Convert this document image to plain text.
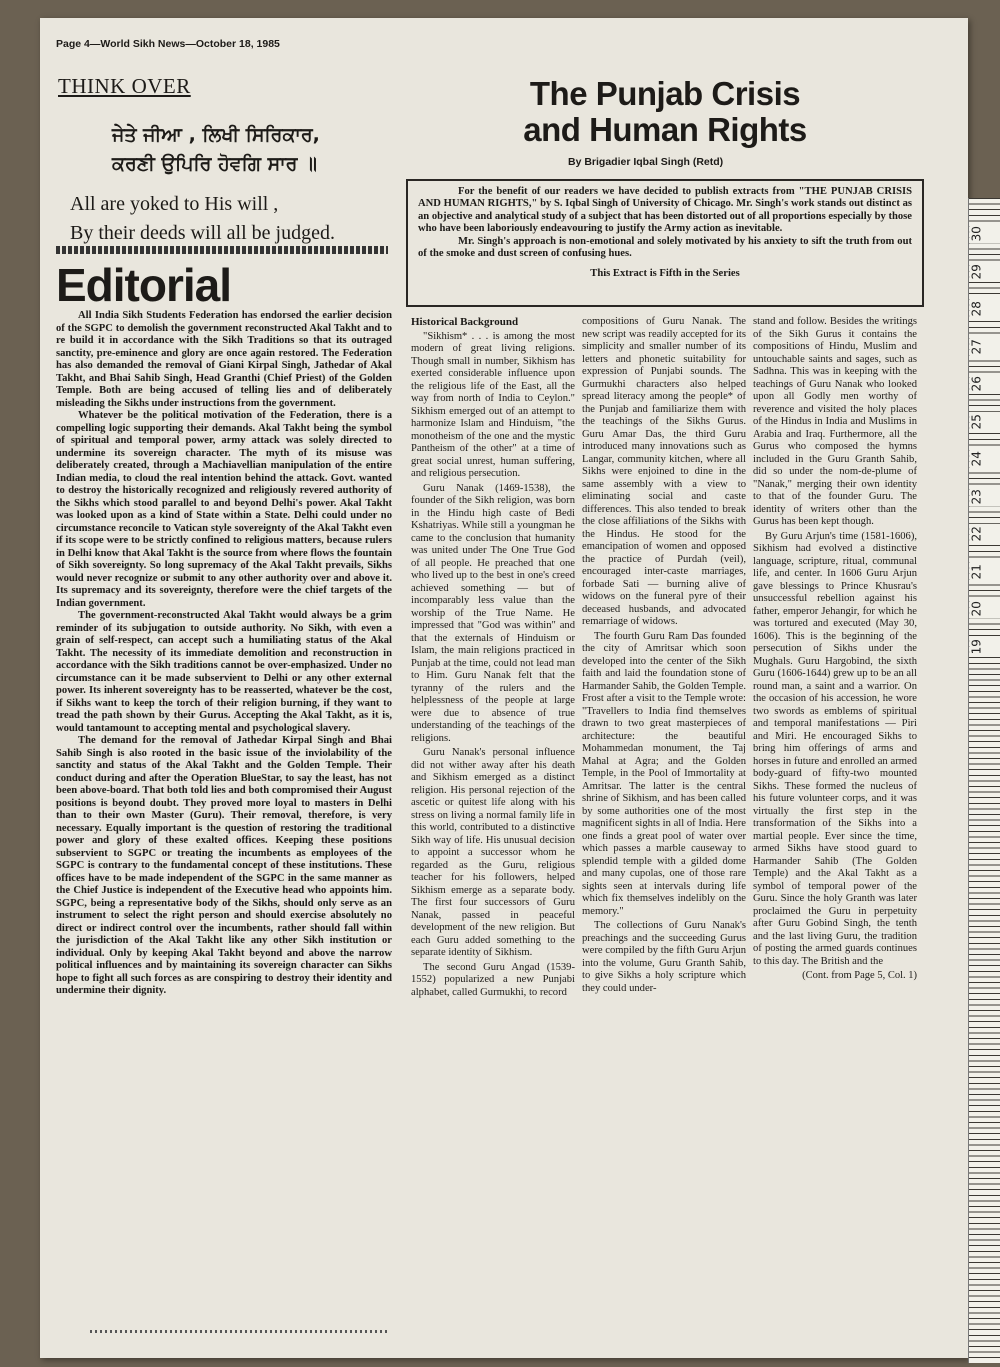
Page 4—World Sikh News—October 18, 1985
THINK OVER
ਜੇਤੇ ਜੀਆ , ਲਿਖੀ ਸਿਰਿਕਾਰ,
ਕਰਣੀ ਉਪਿਰਿ ਹੋਵਗਿ ਸਾਰ ॥
All are yoked to His will ,
By their deeds will all be judged.
Editorial

All India Sikh Students Federation has endorsed the earlier decision of the SGPC to demolish the government reconstructed Akal Takht and to re build it in accordance with the Sikh Traditions so that its outraged sanctity, pre-eminence and glory are once again restored. The Federation has also demanded the removal of Giani Kirpal Singh, Jathedar of Akal Takht, and Bhai Sahib Singh, Head Granthi (Chief Priest) of the Golden Temple. Both are being accused of telling lies and of deliberately misleading the Sikhs under instructions from the government.

Whatever be the political motivation of the Federation, there is a compelling logic supporting their demands. Akal Takht being the symbol of spiritual and temporal power, army attack was solely directed to undermine its sovereign character. The myth of its misuse was deliberately created, through a Machiavellian manipulation of the entire Indian media, to cloud the real intention behind the attack. Govt. wanted to destroy the historically recognized and religiously revered authority of the Sikhs which stood parallel to and beyond Delhi's power. Akal Takht was looked upon as a kind of State within a State. Delhi could under no circumstance reconcile to Vatican style sovereignty of the Akal Takht even if its scope were to be strictly confined to religious matters, because rulers in Delhi know that Akal Takht is the source from where flows the fountain of Sikh sovereignty. So long supremacy of the Akal Takht prevails, Sikhs would never recognize or submit to any other authority over and above it. Its supremacy and its sovereignty, therefore were the chief targets of the Indian government.

The government-reconstructed Akal Takht would always be a grim reminder of its subjugation to outside authority. No Sikh, with even a grain of self-respect, can accept such a humiliating status of the Akal Takht. The necessity of its immediate demolition and reconstruction in accordance with the Sikh traditions cannot be over-emphasized. Under no circumstance can it be made subservient to Delhi or any other external power. Its inherent sovereignty has to be reasserted, whatever be the cost, if Sikhs want to keep the torch of their religion burning, if they want to tread the path shown by their Gurus. Accepting the Akal Takht, as it is, would tantamount to accepting mental and psychological slavery.

The demand for the removal of Jathedar Kirpal Singh and Bhai Sahib Singh is also rooted in the basic issue of the inviolability of the sanctity and status of the Akal Takht and the Golden Temple. Their conduct during and after the Operation BlueStar, to say the least, has not been above-board. That both told lies and both compromised their August positions is beyond doubt. They proved more loyal to masters in Delhi than to their own Master (Guru). Their removal, therefore, is very necessary. Equally important is the question of restoring the traditional power and glory of these exalted offices. Keeping these positions subservient to SGPC or treating the incumbents as employees of the SGPC is contrary to the fundamental concept of these institutions. These offices have to be made independent of the SGPC in the same manner as the Chief Justice is independent of the Executive head who appoints him. SGPC, being a representative body of the Sikhs, should only serve as an instrument to select the right person and should exercise absolutely no direct or indirect control over the incumbents, rather should fall within the jurisdiction of the Akal Takht like any other Sikh institution or individual. Only by keeping Akal Takht beyond and above the narrow political influences and by maintaining its sovereign character can Sikhs hope to fight all such forces as are conspiring to destroy their identity and undermine their dignity.

The Punjab Crisis
and Human Rights
By Brigadier Iqbal Singh (Retd)

For the benefit of our readers we have decided to publish extracts from "THE PUNJAB CRISIS AND HUMAN RIGHTS," by S. Iqbal Singh of University of Chicago. Mr. Singh's work stands out distinct as an objective and analytical study of a subject that has been distorted out of all proportions especially by those who have been laboriously endeavouring to justify the Army action as inevitable.

Mr. Singh's approach is non-emotional and solely motivated by his anxiety to sift the truth from out of the smoke and dust screen of confusing hues.

This Extract is Fifth in the Series

Historical Background

"Sikhism* . . . is among the most modern of great living religions. Though small in number, Sikhism has exerted considerable influence upon the religious life of the East, all the way from north of India to Ceylon." Sikhism emerged out of an attempt to harmonize Islam and Hinduism, "the monotheism of the one and the mystic Pantheism of the other" at a time of great social unrest, human suffering, and religious persecution.

Guru Nanak (1469-1538), the founder of the Sikh religion, was born in the Hindu high caste of Bedi Kshatriyas. While still a youngman he came to the conclusion that humanity was united under The One True God of all people. He preached that one who lived up to the best in one's creed achieved something — but of incomparably less value than the worship of the True Name. He impressed that "God was within" and that the externals of Hinduism or Islam, the main religions practiced in Punjab at the time, could not lead man to Him. Guru Nanak felt that the tyranny of the rulers and the helplessness of the people at large were due to absence of true understanding of the teachings of the religions.

Guru Nanak's personal influence did not wither away after his death and Sikhism emerged as a distinct religion. His personal rejection of the ascetic or quitest life along with his stress on living a normal family life in this world, contributed to a distinctive Sikh way of life. His unusual decision to appoint a successor whom he regarded as the Guru, religious teacher for his followers, helped Sikhism emerge as a separate body. The first four successors of Guru Nanak, passed in peaceful development of the new religion. But each Guru added something to the separate identity of Sikhism.

The second Guru Angad (1539-1552) popularized a new Punjabi alphabet, called Gurmukhi, to record

compositions of Guru Nanak. The new script was readily accepted for its simplicity and smaller number of its letters and phonetic suitability for expression of Punjabi sounds. The Gurmukhi characters also helped spread literacy among the people* of the Punjab and familiarize them with the teachings of the Sikhs Gurus. Guru Amar Das, the third Guru introduced many innovations such as Langar, community kitchen, where all Sikhs were enjoined to dine in the same assembly with a view to eliminating social and caste differences. This also tended to break the close affiliations of the Sikhs with the Hindus. He stood for the emancipation of women and opposed the practice of Purdah (veil), encouraged inter-caste marriages, forbade Sati — burning alive of widows on the funeral pyre of their deceased husbands, and advocated remarriage of widows.

The fourth Guru Ram Das founded the city of Amritsar which soon developed into the center of the Sikh faith and laid the foundation stone of Harmander Sahib, the Golden Temple. Frost after a visit to the Temple wrote: "Travellers to India find themselves drawn to two great masterpieces of architecture: the beautiful Mohammedan monument, the Taj Mahal at Agra; and the Golden Temple, in the Pool of Immortality at Amritsar. The latter is the central shrine of Sikhism, and has been called by some authorities one of the most magnificent sights in all of India. Here one finds a great pool of water over which passes a marble causeway to splendid temple with a gilded dome and many cupolas, one of those rare sights seen at intervals during life which fix themselves indelibly on the memory."

The collections of Guru Nanak's preachings and the succeeding Gurus were compiled by the fifth Guru Arjun into the volume, Guru Granth Sahib, to give Sikhs a holy scripture which they could under-

stand and follow. Besides the writings of the Sikh Gurus it contains the compositions of Hindu, Muslim and untouchable saints and sages, such as Sadhna. This was in keeping with the teachings of Guru Nanak who looked upon all Godly men worthy of reverence and visited the holy places of the Hindus in India and Muslims in Arabia and Iraq. Furthermore, all the Gurus who composed the hymns included in the Guru Granth Sahib, did so under the nom-de-plume of "Nanak," merging their own identity to that of the founder Guru. The identity of writers other than the Gurus has been kept though.

By Guru Arjun's time (1581-1606), Sikhism had evolved a distinctive language, scripture, ritual, communal life, and center. In 1606 Guru Arjun gave blessings to Prince Khusrau's unsuccessful rebellion against his father, emperor Jehangir, for which he was tortured and executed (May 30, 1606). This is the beginning of the persecution of Sikhs under the Mughals. Guru Hargobind, the sixth Guru (1606-1644) grew up to be an all round man, a saint and a warrior. On the occasion of his accession, he wore two swords as emblems of spiritual and temporal manifestations — Piri and Miri. He encouraged Sikhs to bring him offerings of arms and horses in future and enrolled an armed body-guard of fifty-two mounted Sikhs. These formed the nucleus of his future volunteer corps, and it was virtually the first step in the transformation of the Sikhs into a martial people. Ever since the time, armed Sikhs have stood guard to Harmander Sahib (The Golden Temple) and the Akal Takht as a symbol of temporal power of the Guru. Since the holy Granth was later proclaimed the Guru in perpetuity after Guru Gobind Singh, the tenth and the last living Guru, the tradition of posting the armed guards continues to this day. The British and the

(Cont. from Page 5, Col. 1)
30
29
28
27
26
25
24
23
22
21
20
19
